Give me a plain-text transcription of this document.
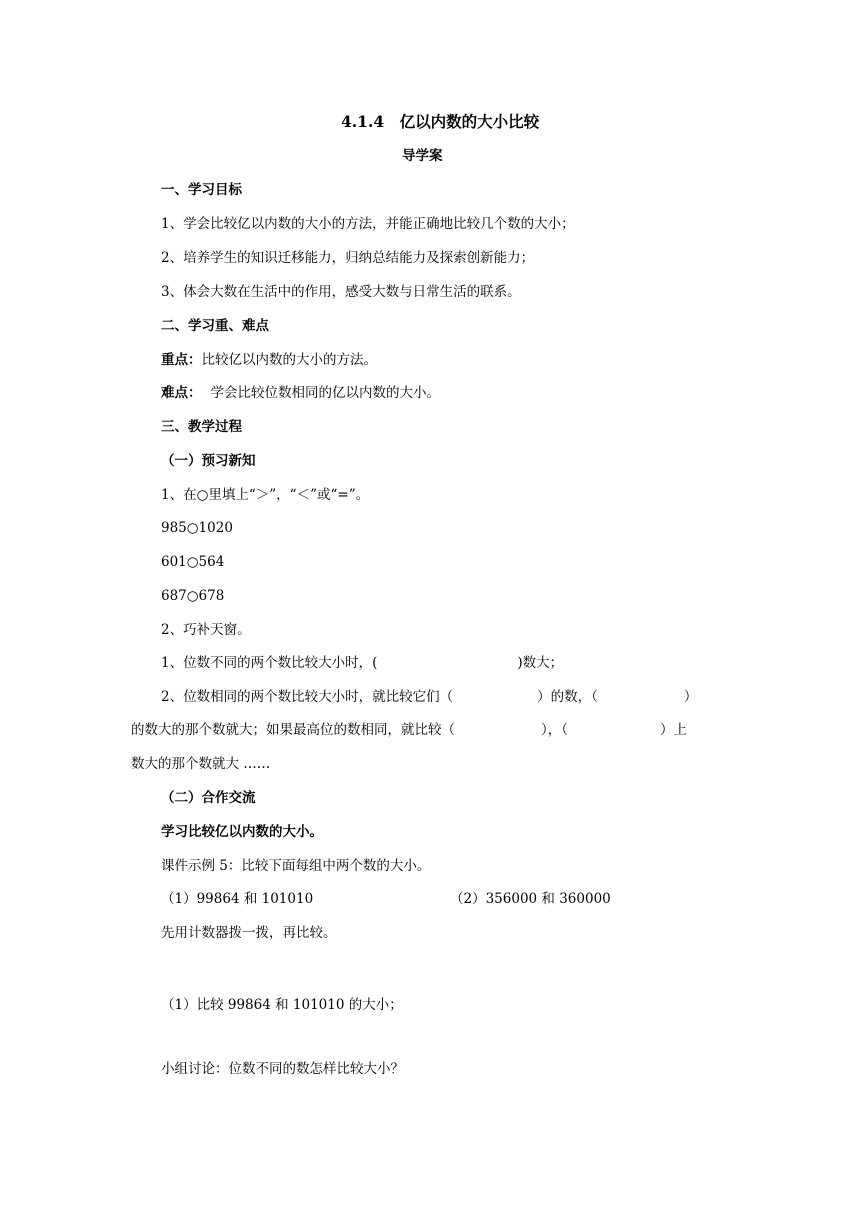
4.1.4　亿以内数的大小比较
导学案
一、学习目标
1、学会比较亿以内数的大小的方法，并能正确地比较几个数的大小；
2、培养学生的知识迁移能力，归纳总结能力及探索创新能力；
3、体会大数在生活中的作用，感受大数与日常生活的联系。
二、学习重、难点
重点：比较亿以内数的大小的方法。
难点： 学会比较位数相同的亿以内数的大小。
三、教学过程
（一）预习新知
1、在○里填上“＞”，“＜”或“=”。
985○1020
601○564
687○678
2、巧补天窗。
1、位数不同的两个数比较大小时，(	)数大；
2、位数相同的两个数比较大小时，就比较它们（	）的数，（	）
的数大的那个数就大；如果最高位的数相同，就比较（	），（	）上
数大的那个数就大 ……
（二）合作交流
学习比较亿以内数的大小。
课件示例 5：比较下面每组中两个数的大小。
（1）99864 和 101010	（2）356000 和 360000
先用计数器拨一拨，再比较。
（1）比较 99864 和 101010 的大小；
小组讨论：位数不同的数怎样比较大小？
